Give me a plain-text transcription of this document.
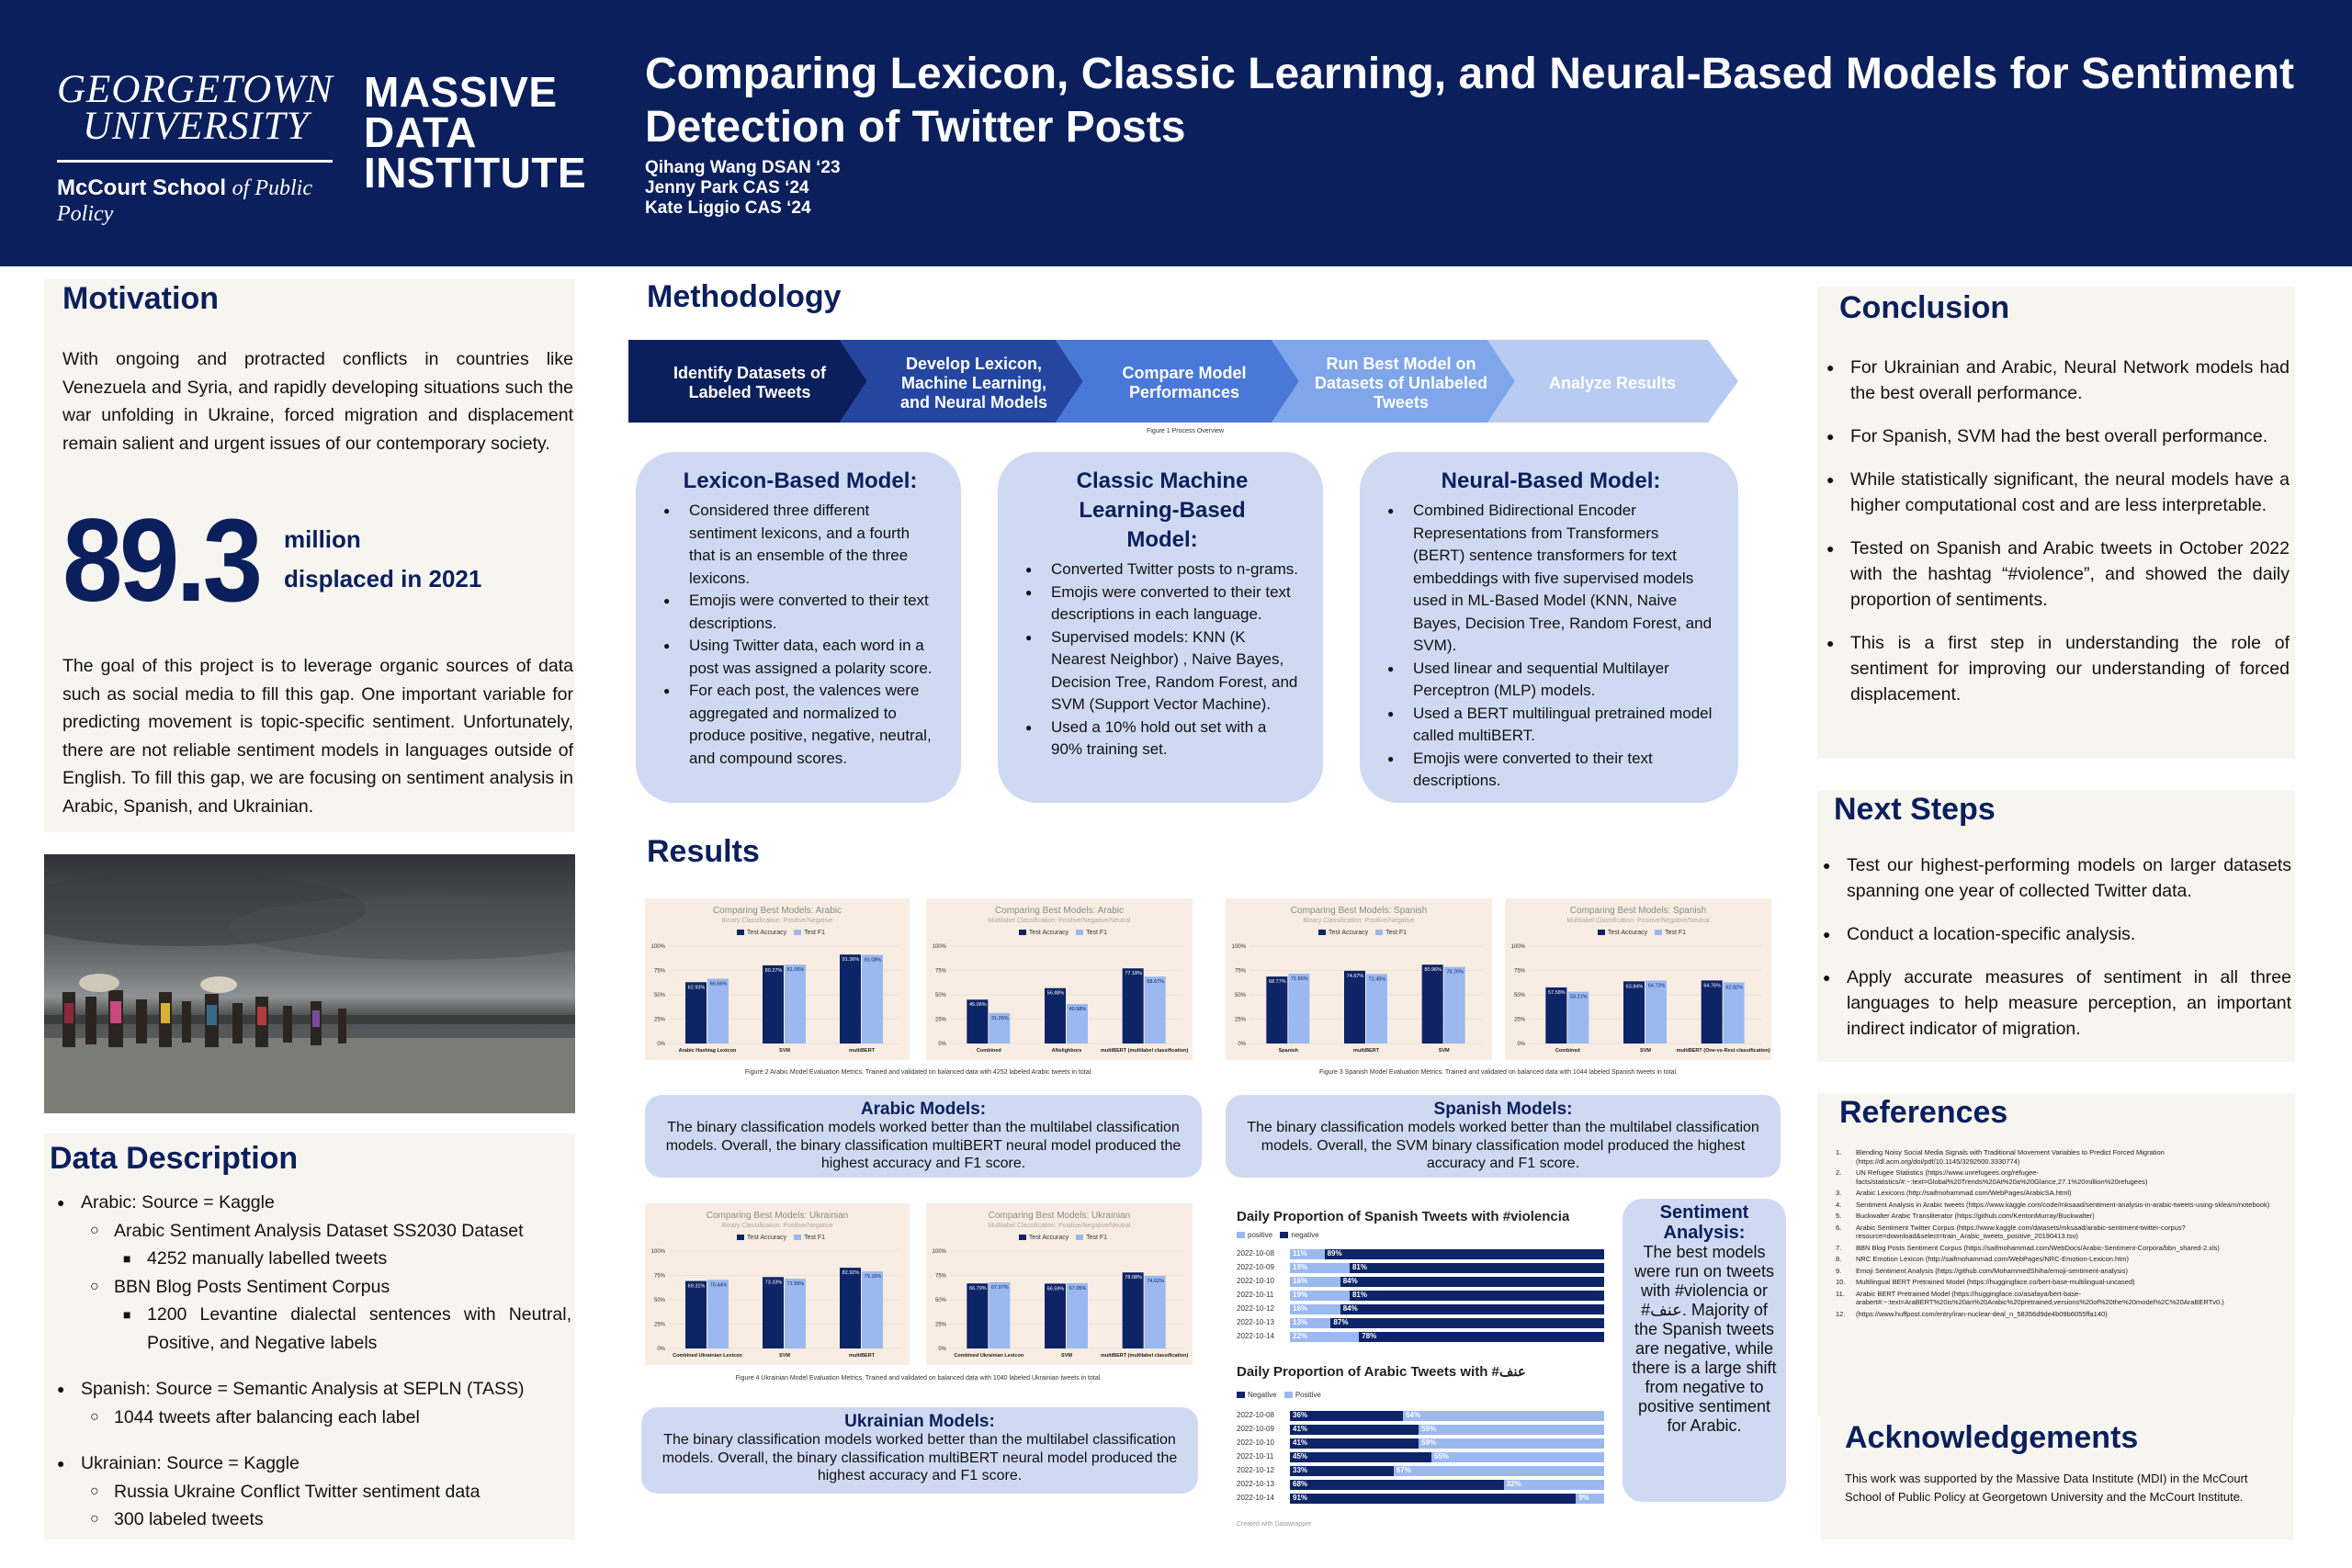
GEORGETOWN
UNIVERSITY
McCourt School of Public Policy
MASSIVE
DATA
INSTITUTE
Comparing Lexicon, Classic Learning, and Neural-Based Models for Sentiment Detection of Twitter Posts
Qihang Wang DSAN ‘23
Jenny Park CAS ‘24
Kate Liggio CAS ‘24
Motivation
With ongoing and protracted conflicts in countries like Venezuela and Syria, and rapidly developing situations such the war unfolding in Ukraine, forced migration and displacement remain salient and urgent issues of our contemporary society.
The goal of this project is to leverage organic sources of data such as social media to fill this gap. One important variable for predicting movement is topic-specific sentiment. Unfortunately, there are not reliable sentiment models in languages outside of English. To fill this gap, we are focusing on sentiment analysis in Arabic, Spanish, and Ukrainian.
89.3 million
displaced in 2021
Data Description
● Arabic: Source = Kaggle
○ Arabic Sentiment Analysis Dataset SS2030 Dataset
■ 4252 manually labelled tweets
○ BBN Blog Posts Sentiment Corpus
■ 1200 Levantine dialectal sentences with Neutral, Positive, and Negative labels
● Spanish: Source = Semantic Analysis at SEPLN (TASS)
○ 1044 tweets after balancing each label
● Ukrainian: Source = Kaggle
○ Russia Ukraine Conflict Twitter sentiment data
○ 300 labeled tweets
Methodology
Identify Datasets of Labeled Tweets
Develop Lexicon, Machine Learning, and Neural Models
Compare Model Performances
Run Best Model on Datasets of Unlabeled Tweets
Analyze Results
Figure 1 Process Overview
Lexicon-Based Model:
● Considered three different sentiment lexicons, and a fourth that is an ensemble of the three lexicons.
● Emojis were converted to their text descriptions.
● Using Twitter data, each word in a post was assigned a polarity score.
● For each post, the valences were aggregated and normalized to produce positive, negative, neutral, and compound scores.
Classic Machine Learning-Based Model:
● Converted Twitter posts to n-grams.
● Emojis were converted to their text descriptions in each language.
● Supervised models: KNN (K Nearest Neighbor) , Naive Bayes, Decision Tree, Random Forest, and SVM (Support Vector Machine).
● Used a 10% hold out set with a 90% training set.
Neural-Based Model:
● Combined Bidirectional Encoder Representations from Transformers (BERT) sentence transformers for text embeddings with five supervised models used in ML-Based Model (KNN, Naive Bayes, Decision Tree, Random Forest, and SVM).
● Used linear and sequential Multilayer Perceptron (MLP) models.
● Used a BERT multilingual pretrained model called multiBERT.
● Emojis were converted to their text descriptions.
Results
Comparing Best Models: Arabic
Binary Classification: Positive/Negative
Test Accuracy	Test F1
0%
25%
50%
75%
100%
62.93%
66.56%
Arabic Hashtag Lexicon
80.27% 81.06%
SVM
91.36% 91.08%
multiBERT
Comparing Best Models: Arabic
Multilabel Classification: Positive/Negative/Neutral
Test Accuracy	Test F1
0%
25%
50%
75%
100%
45.06%
31.26%
Combined
56.88%
40.58%
ANelighbors
77.18%
68.67%
multiBERT (multilabel classification)
Figure 2 Arabic Model Evaluation Metrics. Trained and validated on balanced data with 4252 labeled Arabic tweets in total.
Comparing Best Models: Spanish
Binary Classification: Positive/Negative
Test Accuracy	Test F1
0%
25%
50%
75%
100%
68.77%
71.66%
Spanish
74.67%
71.45%
multiBERT
80.96% 78.76%
SVM
Comparing Best Models: Spanish
Multilabel Classification: Positive/Negative/Neutral
Test Accuracy	Test F1
0%
25%
50%
75%
100%
57.58%
53.21%
Combined
63.84% 64.72%
SVM
64.76% 62.82%
multiBERT (One-vs-Rest classification)
Figure 3 Spanish Model Evaluation Metrics. Trained and validated on balanced data with 1044 labeled Spanish tweets in total.
Arabic Models:
The binary classification models worked better than the multilabel classification models. Overall, the binary classification multiBERT neural model produced the highest accuracy and F1 score.
Spanish Models:
The binary classification models worked better than the multilabel classification models. Overall, the SVM binary classification model produced the highest accuracy and F1 score.
Comparing Best Models: Ukrainian
Binary Classification: Positive/Negative
Test Accuracy	Test F1
0%
25%
50%
75%
100%
69.31% 70.44%
Combined Ukrainian Lexicon
73.33% 71.56%
SVM
82.92%
79.16%
multiBERT
Comparing Best Models: Ukrainian
Multilabel Classification: Positive/Negative/Neutral
Test Accuracy	Test F1
0%
25%
50%
75%
100%
66.79% 67.97%
Combined Ukrainian Lexicon
66.59% 67.05%
SVM
78.08%
74.62%
multiBERT (multilabel classification)
Figure 4 Ukrainian Model Evaluation Metrics. Trained and validated on balanced data with 1040 labeled Ukrainian tweets in total.
Ukrainian Models:
The binary classification models worked better than the multilabel classification models. Overall, the binary classification multiBERT neural model produced the highest accuracy and F1 score.
Daily Proportion of Spanish Tweets with #violencia
positive	negative
Daily Proportion of Arabic Tweets with #عنف
Negative	Positive
Created with Datawrapper
Sentiment Analysis:
The best models were run on tweets with #violencia or #عنف. Majority of the Spanish tweets are negative, while there is a large shift from negative to positive sentiment for Arabic.
Conclusion
● For Ukrainian and Arabic, Neural Network models had the best overall performance.
● For Spanish, SVM had the best overall performance.
● While statistically significant, the neural models have a higher computational cost and are less interpretable.
● Tested on Spanish and Arabic tweets in October 2022 with the hashtag “#violence”, and showed the daily proportion of sentiments.
● This is a first step in understanding the role of sentiment for improving our understanding of forced displacement.
Next Steps
● Test our highest-performing models on larger datasets spanning one year of collected Twitter data.
● Conduct a location-specific analysis.
● Apply accurate measures of sentiment in all three languages to help measure perception, an important indirect indicator of migration.
References
1. Blending Noisy Social Media Signals with Traditional Movement Variables to Predict Forced Migration (https://dl.acm.org/doi/pdf/10.1145/3292500.3330774)
2. UN Refugee Statistics (https://www.unrefugees.org/refugee-facts/statistics/#:~:text=Global%20Trends%20At%20a%20Glance,27.1%20million%20refugees)
3. Arabic Lexicons (http://saifmohammad.com/WebPages/ArabicSA.html)
4. Sentiment Analysis in Arabic tweets (https://www.kaggle.com/code/mksaad/sentiment-analysis-in-arabic-tweets-using-sklearn/notebook)
5. Buckwalter Arabic Transliterator (https://github.com/KentonMurray/Buckwalter)
6. Arabic Sentiment Twitter Corpus (https://www.kaggle.com/datasets/mksaad/arabic-sentiment-twitter-corpus?resource=download&select=train_Arabic_tweets_positive_20190413.tsv)
7. BBN Blog Posts Sentiment Corpus (https://saifmohammad.com/WebDocs/Arabic-Sentiment-Corpora/bbn_shared-2.xls)
8. NRC Emotion Lexicon (http://saifmohammad.com/WebPages/NRC-Emotion-Lexicon.htm)
9. Emoji Sentiment Analysis (https://github.com/MohammedShiha/emoji-sentiment-analysis)
10. Multilingual BERT Pretrained Model (https://huggingface.co/bert-base-multilingual-uncased)
11. Arabic BERT Pretrained Model (https://huggingface.co/asafaya/bert-base-arabert#:~:text=AraBERT%20is%20an%20Arabic%20pretrained,versions%20of%20the%20model%2C%20AraBERTv0.)
12. (https://www.huffpost.com/entry/iran-nuclear-deal_n_58356d9de4b09b6055ffa140)
Acknowledgements
This work was supported by the Massive Data Institute (MDI) in the McCourt School of Public Policy at Georgetown University and the McCourt Institute.
2022-10-08	11%	89%
2022-10-09	19%	81%
2022-10-10	16%	84%
2022-10-11	19%	81%
2022-10-12	16%	84%
2022-10-13	13%	87%
2022-10-14	22%	78%
2022-10-08	36%	64%
2022-10-09	41%	59%
2022-10-10	41%	59%
2022-10-11	45%	55%
2022-10-12	33%	67%
2022-10-13	68%	32%
2022-10-14	91%	9%
